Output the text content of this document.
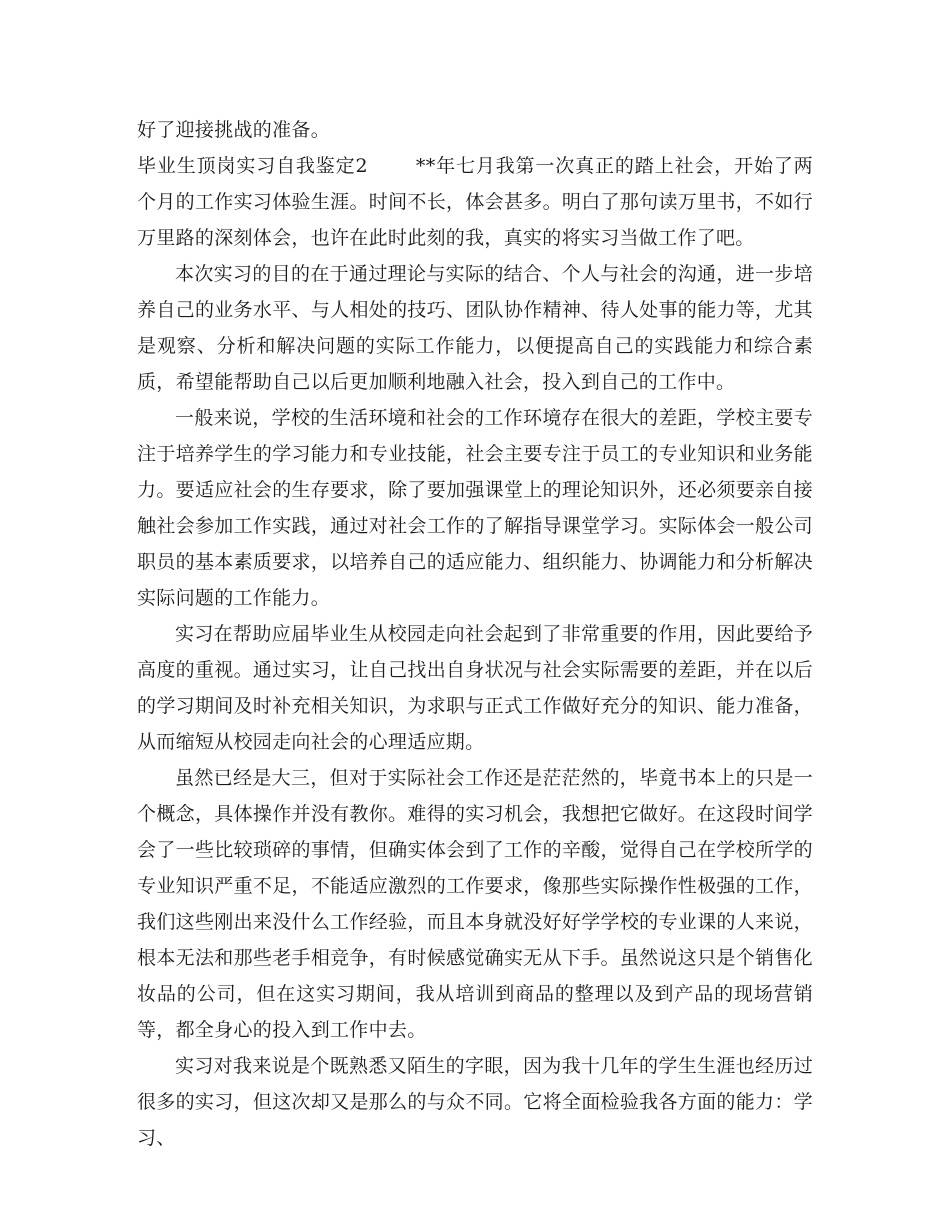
好了迎接挑战的准备。

毕业生顶岗实习自我鉴定2	**年七月我第一次真正的踏上社会，开始了两个月的工作实习体验生涯。时间不长，体会甚多。明白了那句读万里书，不如行万里路的深刻体会，也许在此时此刻的我，真实的将实习当做工作了吧。

本次实习的目的在于通过理论与实际的结合、个人与社会的沟通，进一步培养自己的业务水平、与人相处的技巧、团队协作精神、待人处事的能力等，尤其是观察、分析和解决问题的实际工作能力，以便提高自己的实践能力和综合素质，希望能帮助自己以后更加顺利地融入社会，投入到自己的工作中。

一般来说，学校的生活环境和社会的工作环境存在很大的差距，学校主要专注于培养学生的学习能力和专业技能，社会主要专注于员工的专业知识和业务能力。要适应社会的生存要求，除了要加强课堂上的理论知识外，还必须要亲自接触社会参加工作实践，通过对社会工作的了解指导课堂学习。实际体会一般公司职员的基本素质要求，以培养自己的适应能力、组织能力、协调能力和分析解决实际问题的工作能力。

实习在帮助应届毕业生从校园走向社会起到了非常重要的作用，因此要给予高度的重视。通过实习，让自己找出自身状况与社会实际需要的差距，并在以后的学习期间及时补充相关知识，为求职与正式工作做好充分的知识、能力准备，从而缩短从校园走向社会的心理适应期。

虽然已经是大三，但对于实际社会工作还是茫茫然的，毕竟书本上的只是一个概念，具体操作并没有教你。难得的实习机会，我想把它做好。在这段时间学会了一些比较琐碎的事情，但确实体会到了工作的辛酸，觉得自己在学校所学的专业知识严重不足，不能适应激烈的工作要求，像那些实际操作性极强的工作，我们这些刚出来没什么工作经验，而且本身就没好好学学校的专业课的人来说，根本无法和那些老手相竞争，有时候感觉确实无从下手。虽然说这只是个销售化妆品的公司，但在这实习期间，我从培训到商品的整理以及到产品的现场营销等，都全身心的投入到工作中去。

实习对我来说是个既熟悉又陌生的字眼，因为我十几年的学生生涯也经历过很多的实习，但这次却又是那么的与众不同。它将全面检验我各方面的能力：学习、
